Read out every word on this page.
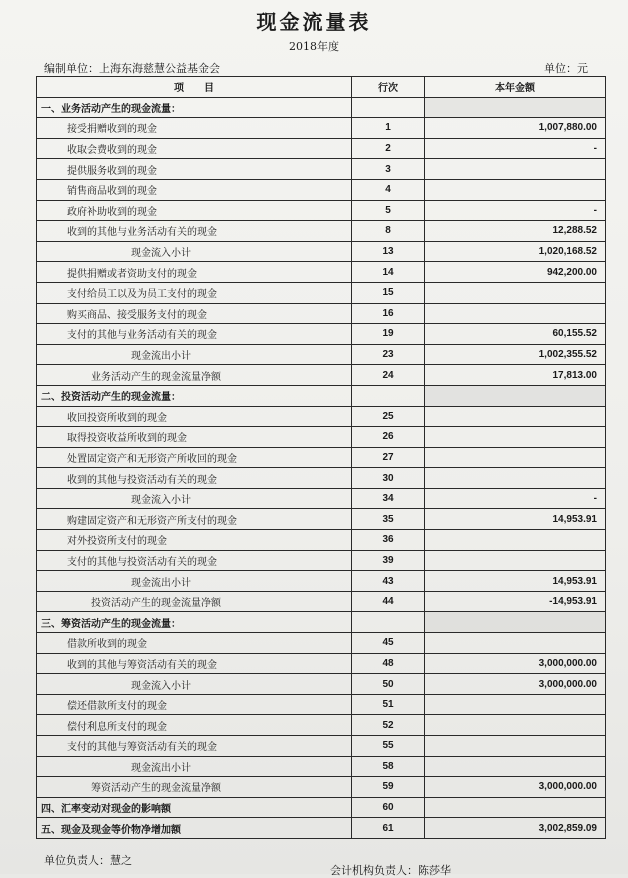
现金流量表
2018年度
编制单位：上海东海慈慧公益基金会	单位：元
项　　目	行次	本年金额
一、业务活动产生的现金流量：		
接受捐赠收到的现金	1	1,007,880.00
收取会费收到的现金	2	-
提供服务收到的现金	3	
销售商品收到的现金	4	
政府补助收到的现金	5	-
收到的其他与业务活动有关的现金	8	12,288.52
现金流入小计	13	1,020,168.52
提供捐赠或者资助支付的现金	14	942,200.00
支付给员工以及为员工支付的现金	15	
购买商品、接受服务支付的现金	16	
支付的其他与业务活动有关的现金	19	60,155.52
现金流出小计	23	1,002,355.52
业务活动产生的现金流量净额	24	17,813.00
二、投资活动产生的现金流量：		
收回投资所收到的现金	25	
取得投资收益所收到的现金	26	
处置固定资产和无形资产所收回的现金	27	
收到的其他与投资活动有关的现金	30	
现金流入小计	34	-
购建固定资产和无形资产所支付的现金	35	14,953.91
对外投资所支付的现金	36	
支付的其他与投资活动有关的现金	39	
现金流出小计	43	14,953.91
投资活动产生的现金流量净额	44	-14,953.91
三、筹资活动产生的现金流量：		
借款所收到的现金	45	
收到的其他与筹资活动有关的现金	48	3,000,000.00
现金流入小计	50	3,000,000.00
偿还借款所支付的现金	51	
偿付利息所支付的现金	52	
支付的其他与筹资活动有关的现金	55	
现金流出小计	58	
筹资活动产生的现金流量净额	59	3,000,000.00
四、汇率变动对现金的影响额	60	
五、现金及现金等价物净增加额	61	3,002,859.09
单位负责人：慧之
会计机构负责人：陈莎华
